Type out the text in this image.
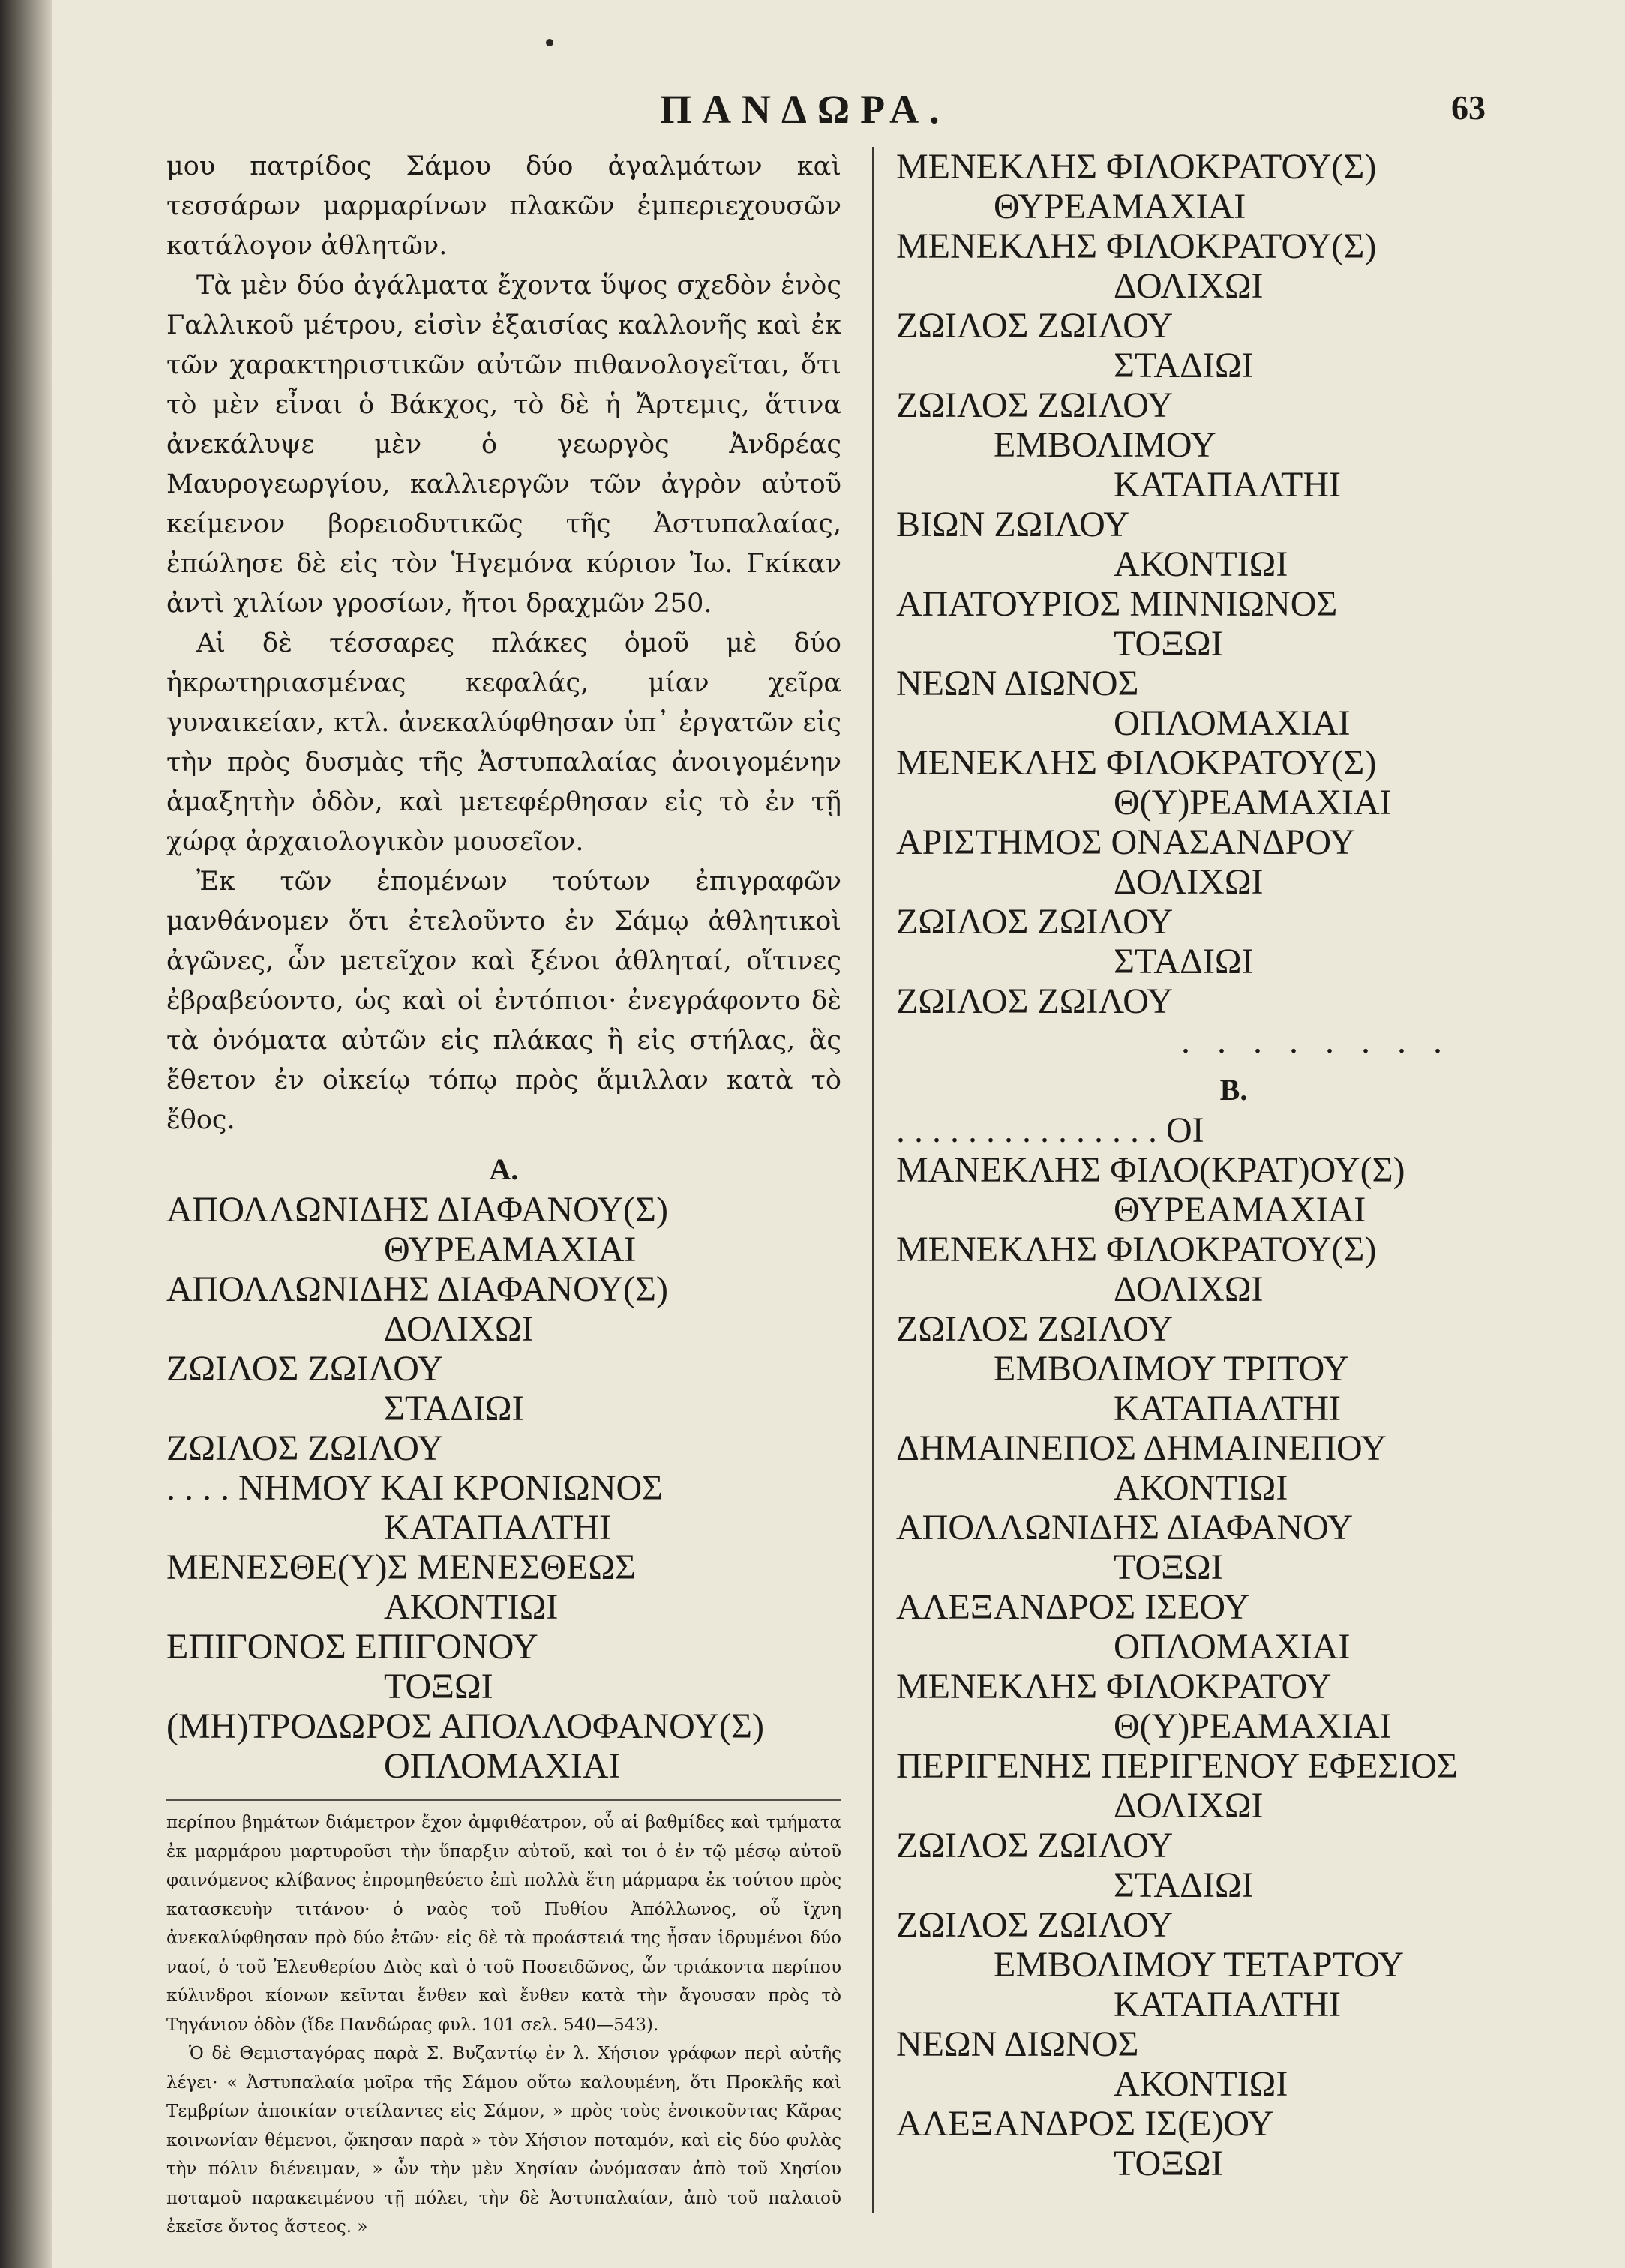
ΠΑΝΔΩΡΑ.	63

μου πατρίδος Σάμου δύο ἀγαλμάτων καὶ τεσσάρων μαρμαρίνων πλακῶν ἐμπεριεχουσῶν κατάλογον ἀθλητῶν.

Τὰ μὲν δύο ἀγάλματα ἔχοντα ὕψος σχεδὸν ἑνὸς Γαλλικοῦ μέτρου, εἰσὶν ἐξαισίας καλλονῆς καὶ ἐκ τῶν χαρακτηριστικῶν αὐτῶν πιθανολογεῖται, ὅτι τὸ μὲν εἶναι ὁ Βάκχος, τὸ δὲ ἡ Ἄρτεμις, ἅτινα ἀνεκάλυψε μὲν ὁ γεωργὸς Ἀνδρέας Μαυρογεωργίου, καλλιεργῶν τῶν ἀγρὸν αὐτοῦ κείμενον βορειοδυτικῶς τῆς Ἀστυπαλαίας, ἐπώλησε δὲ εἰς τὸν Ἡγεμόνα κύριον Ἰω. Γκίκαν ἀντὶ χιλίων γροσίων, ἤτοι δραχμῶν 250.

Αἱ δὲ τέσσαρες πλάκες ὁμοῦ μὲ δύο ἡκρωτηριασμένας κεφαλάς, μίαν χεῖρα γυναικείαν, κτλ. ἀνεκαλύφθησαν ὑπ᾽ ἐργατῶν εἰς τὴν πρὸς δυσμὰς τῆς Ἀστυπαλαίας ἀνοιγομένην ἁμαξητὴν ὁδὸν, καὶ μετεφέρθησαν εἰς τὸ ἐν τῇ χώρᾳ ἀρχαιολογικὸν μουσεῖον.

Ἐκ τῶν ἑπομένων τούτων ἐπιγραφῶν μανθάνομεν ὅτι ἐτελοῦντο ἐν Σάμῳ ἀθλητικοὶ ἀγῶνες, ὧν μετεῖχον καὶ ξένοι ἀθληταί, οἵτινες ἐβραβεύοντο, ὡς καὶ οἱ ἐντόπιοι· ἐνεγράφοντο δὲ τὰ ὀνόματα αὐτῶν εἰς πλάκας ἢ εἰς στήλας, ἃς ἔθετον ἐν οἰκείῳ τόπῳ πρὸς ἅμιλλαν κατὰ τὸ ἔθος.

Α.
ΑΠΟΛΛΩΝΙΔΗΣ ΔΙΑΦΑΝΟΥ(Σ)
ΘΥΡΕΑΜΑΧΙΑΙ
ΑΠΟΛΛΩΝΙΔΗΣ ΔΙΑΦΑΝΟΥ(Σ)
ΔΟΛΙΧΩΙ
ΖΩΙΛΟΣ ΖΩΙΛΟΥ
ΣΤΑΔΙΩΙ
ΖΩΙΛΟΣ ΖΩΙΛΟΥ
. . . . ΝΗΜΟΥ ΚΑΙ ΚΡΟΝΙΩΝΟΣ
ΚΑΤΑΠΑΛΤΗΙ
ΜΕΝΕΣΘΕ(Υ)Σ ΜΕΝΕΣΘΕΩΣ
ΑΚΟΝΤΙΩΙ
ΕΠΙΓΟΝΟΣ ΕΠΙΓΟΝΟΥ
ΤΟΞΩΙ
(ΜΗ)ΤΡΟΔΩΡΟΣ ΑΠΟΛΛΟΦΑΝΟΥ(Σ)
ΟΠΛΟΜΑΧΙΑΙ

περίπου βημάτων διάμετρον ἔχον ἀμφιθέατρον, οὗ αἱ βαθμίδες καὶ τμήματα ἐκ μαρμάρου μαρτυροῦσι τὴν ὕπαρξιν αὐτοῦ, καὶ τοι ὁ ἐν τῷ μέσῳ αὐτοῦ φαινόμενος κλίβανος ἐπρομηθεύετο ἐπὶ πολλὰ ἔτη μάρμαρα ἐκ τούτου πρὸς κατασκευὴν τιτάνου· ὁ ναὸς τοῦ Πυθίου Ἀπόλλωνος, οὗ ἴχνη ἀνεκαλύφθησαν πρὸ δύο ἐτῶν· εἰς δὲ τὰ προάστειά της ἦσαν ἱδρυμένοι δύο ναοί, ὁ τοῦ Ἐλευθερίου Διὸς καὶ ὁ τοῦ Ποσειδῶνος, ὧν τριάκοντα περίπου κύλινδροι κίονων κεῖνται ἔνθεν καὶ ἔνθεν κατὰ τὴν ἄγουσαν πρὸς τὸ Τηγάνιον ὁδὸν (ἴδε Πανδώρας φυλ. 101 σελ. 540—543).

Ὁ δὲ Θεμισταγόρας παρὰ Σ. Βυζαντίῳ ἐν λ. Χήσιον γράφων περὶ αὐτῆς λέγει· « Ἀστυπαλαία μοῖρα τῆς Σάμου οὕτω καλουμένη, ὅτι Προκλῆς καὶ Τεμβρίων ἀποικίαν στείλαντες εἰς Σάμον, » πρὸς τοὺς ἐνοικοῦντας Κᾶρας κοινωνίαν θέμενοι, ᾤκησαν παρὰ » τὸν Χήσιον ποταμόν, καὶ εἰς δύο φυλὰς τὴν πόλιν διένειμαν, » ὧν τὴν μὲν Χησίαν ὠνόμασαν ἀπὸ τοῦ Χησίου ποταμοῦ παρακειμένου τῇ πόλει, τὴν δὲ Ἀστυπαλαίαν, ἀπὸ τοῦ παλαιοῦ ἐκεῖσε ὄντος ἄστεος. »

ΜΕΝΕΚΛΗΣ ΦΙΛΟΚΡΑΤΟΥ(Σ)
ΘΥΡΕΑΜΑΧΙΑΙ
ΜΕΝΕΚΛΗΣ ΦΙΛΟΚΡΑΤΟΥ(Σ)
ΔΟΛΙΧΩΙ
ΖΩΙΛΟΣ ΖΩΙΛΟΥ
ΣΤΑΔΙΩΙ
ΖΩΙΛΟΣ ΖΩΙΛΟΥ
ΕΜΒΟΛΙΜΟΥ
ΚΑΤΑΠΑΛΤΗΙ
ΒΙΩΝ ΖΩΙΛΟΥ
ΑΚΟΝΤΙΩΙ
ΑΠΑΤΟΥΡΙΟΣ ΜΙΝΝΙΩΝΟΣ
ΤΟΞΩΙ
ΝΕΩΝ ΔΙΩΝΟΣ
ΟΠΛΟΜΑΧΙΑΙ
ΜΕΝΕΚΛΗΣ ΦΙΛΟΚΡΑΤΟΥ(Σ)
Θ(Υ)ΡΕΑΜΑΧΙΑΙ
ΑΡΙΣΤΗΜΟΣ ΟΝΑΣΑΝΔΡΟΥ
ΔΟΛΙΧΩΙ
ΖΩΙΛΟΣ ΖΩΙΛΟΥ
ΣΤΑΔΙΩΙ
ΖΩΙΛΟΣ ΖΩΙΛΟΥ
. . . . . . . .
Β.
. . . . . . . . . . . . . . . ΟΙ
ΜΑΝΕΚΛΗΣ ΦΙΛΟ(ΚΡΑΤ)ΟΥ(Σ)
ΘΥΡΕΑΜΑΧΙΑΙ
ΜΕΝΕΚΛΗΣ ΦΙΛΟΚΡΑΤΟΥ(Σ)
ΔΟΛΙΧΩΙ
ΖΩΙΛΟΣ ΖΩΙΛΟΥ
ΕΜΒΟΛΙΜΟΥ ΤΡΙΤΟΥ
ΚΑΤΑΠΑΛΤΗΙ
ΔΗΜΑΙΝΕΠΟΣ ΔΗΜΑΙΝΕΠΟΥ
ΑΚΟΝΤΙΩΙ
ΑΠΟΛΛΩΝΙΔΗΣ ΔΙΑΦΑΝΟΥ
ΤΟΞΩΙ
ΑΛΕΞΑΝΔΡΟΣ ΙΣΕΟΥ
ΟΠΛΟΜΑΧΙΑΙ
ΜΕΝΕΚΛΗΣ ΦΙΛΟΚΡΑΤΟΥ
Θ(Υ)ΡΕΑΜΑΧΙΑΙ
ΠΕΡΙΓΕΝΗΣ ΠΕΡΙΓΕΝΟΥ ΕΦΕΣΙΟΣ
ΔΟΛΙΧΩΙ
ΖΩΙΛΟΣ ΖΩΙΛΟΥ
ΣΤΑΔΙΩΙ
ΖΩΙΛΟΣ ΖΩΙΛΟΥ
ΕΜΒΟΛΙΜΟΥ ΤΕΤΑΡΤΟΥ
ΚΑΤΑΠΑΛΤΗΙ
ΝΕΩΝ ΔΙΩΝΟΣ
ΑΚΟΝΤΙΩΙ
ΑΛΕΞΑΝΔΡΟΣ ΙΣ(Ε)ΟΥ
ΤΟΞΩΙ
